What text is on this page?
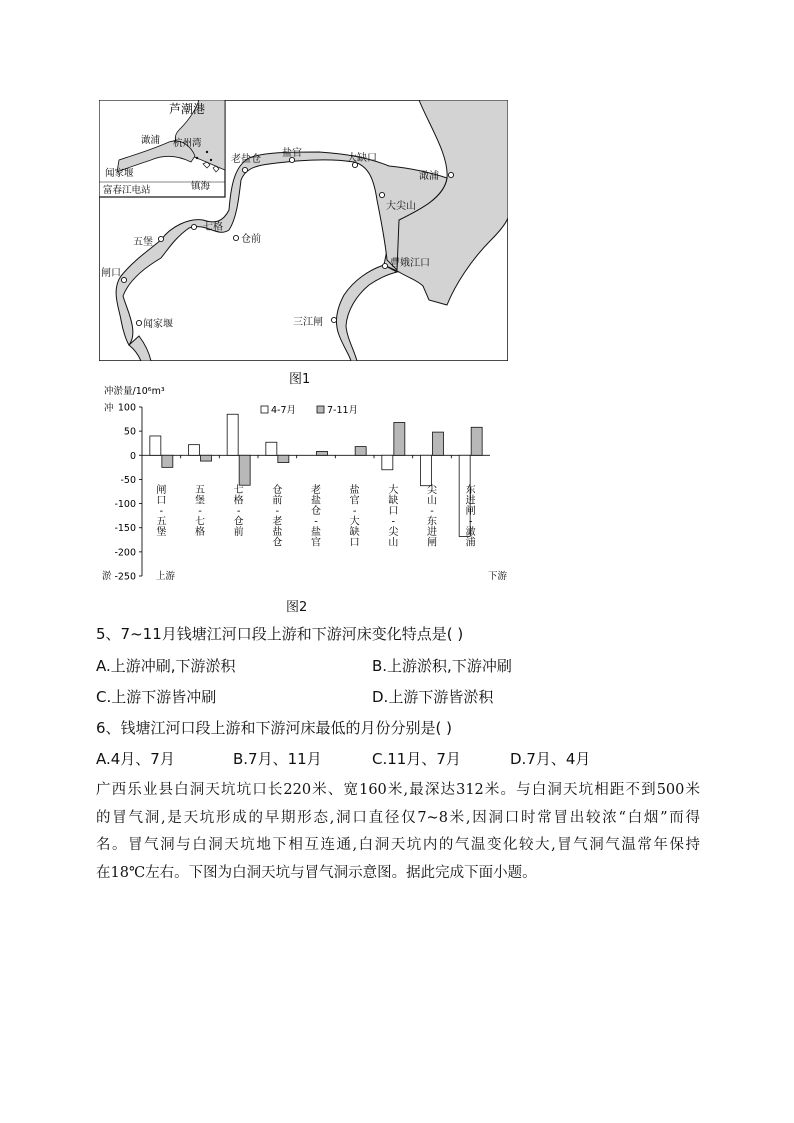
芦潮港
澉浦 杭州湾
闻家堰
富春江电站	镇海
老盐仓
盐官	大缺口
澉浦
大尖山
七格
五堡	仓前
闸口
曹娥江口
三江闸
闻家堰
图1
冲淤量/10⁶m³
冲
淤	上游	下游
100
50
0
-50
-100
-150
-200
-250
闸口-五堡
五堡-七格
七格-仓前
仓前-老盐仓
老盐仓-盐官
盐官-大缺口
大缺口-尖山
尖山-东进闸
东进闸-澉浦
4-7月	7-11月
图2
5、7~11月钱塘江河口段上游和下游河床变化特点是( )
A.上游冲刷,下游淤积	B.上游淤积,下游冲刷
C.上游下游皆冲刷	D.上游下游皆淤积
6、钱塘江河口段上游和下游河床最低的月份分别是( )
A.4月、7月	B.7月、11月	C.11月、7月	D.7月、4月
广西乐业县白洞天坑坑口长220米、宽160米,最深达312米。与白洞天坑相距不到500米
的冒气洞,是天坑形成的早期形态,洞口直径仅7~8米,因洞口时常冒出较浓“白烟”而得
名。冒气洞与白洞天坑地下相互连通,白洞天坑内的气温变化较大,冒气洞气温常年保持
在18℃左右。下图为白洞天坑与冒气洞示意图。据此完成下面小题。
